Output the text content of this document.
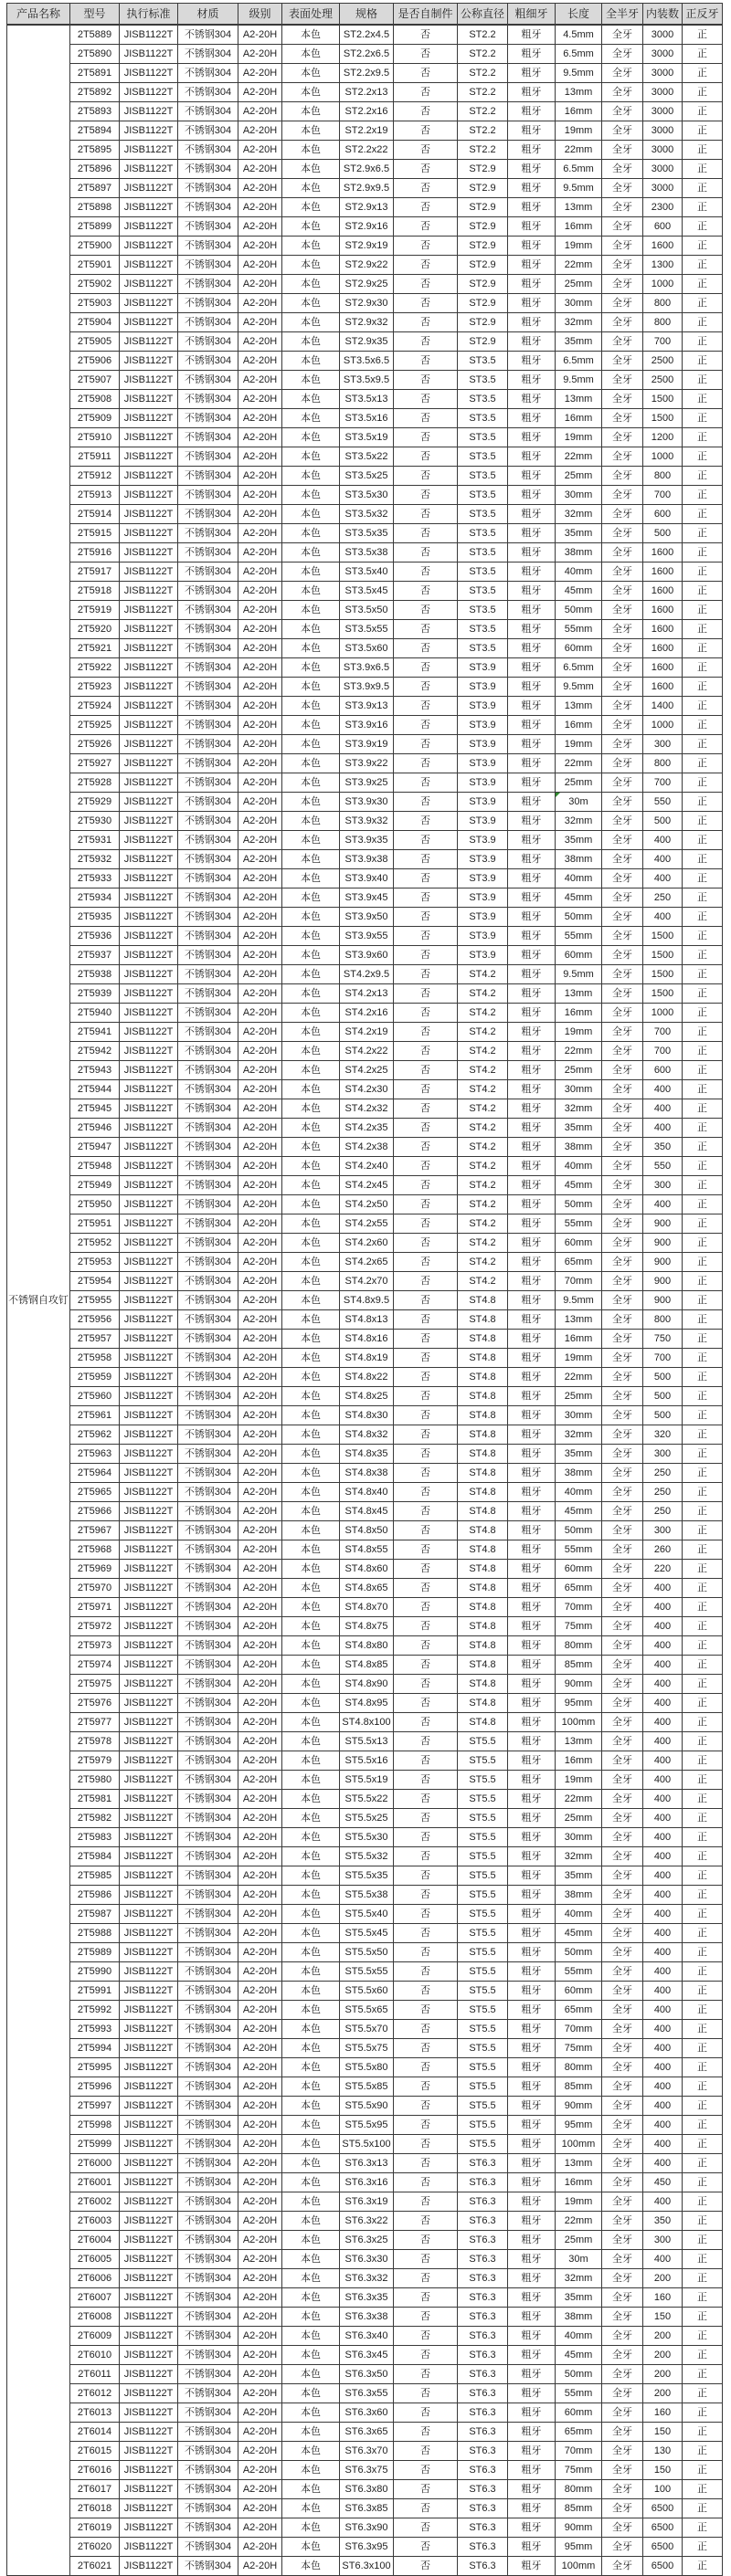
产品名称	型号	执行标准	材质	级别	表面处理	规格	是否自制件	公称直径	粗细牙	长度	全半牙	内装数	正反牙
不锈钢自攻钉	2T5889	JISB1122T	不锈钢304	A2-20H	本色	ST2.2x4.5	否	ST2.2	粗牙	4.5mm	全牙	3000	正
	2T5890	JISB1122T	不锈钢304	A2-20H	本色	ST2.2x6.5	否	ST2.2	粗牙	6.5mm	全牙	3000	正
	2T5891	JISB1122T	不锈钢304	A2-20H	本色	ST2.2x9.5	否	ST2.2	粗牙	9.5mm	全牙	3000	正
	2T5892	JISB1122T	不锈钢304	A2-20H	本色	ST2.2x13	否	ST2.2	粗牙	13mm	全牙	3000	正
	2T5893	JISB1122T	不锈钢304	A2-20H	本色	ST2.2x16	否	ST2.2	粗牙	16mm	全牙	3000	正
	2T5894	JISB1122T	不锈钢304	A2-20H	本色	ST2.2x19	否	ST2.2	粗牙	19mm	全牙	3000	正
	2T5895	JISB1122T	不锈钢304	A2-20H	本色	ST2.2x22	否	ST2.2	粗牙	22mm	全牙	3000	正
	2T5896	JISB1122T	不锈钢304	A2-20H	本色	ST2.9x6.5	否	ST2.9	粗牙	6.5mm	全牙	3000	正
	2T5897	JISB1122T	不锈钢304	A2-20H	本色	ST2.9x9.5	否	ST2.9	粗牙	9.5mm	全牙	3000	正
	2T5898	JISB1122T	不锈钢304	A2-20H	本色	ST2.9x13	否	ST2.9	粗牙	13mm	全牙	2300	正
	2T5899	JISB1122T	不锈钢304	A2-20H	本色	ST2.9x16	否	ST2.9	粗牙	16mm	全牙	600	正
	2T5900	JISB1122T	不锈钢304	A2-20H	本色	ST2.9x19	否	ST2.9	粗牙	19mm	全牙	1600	正
	2T5901	JISB1122T	不锈钢304	A2-20H	本色	ST2.9x22	否	ST2.9	粗牙	22mm	全牙	1300	正
	2T5902	JISB1122T	不锈钢304	A2-20H	本色	ST2.9x25	否	ST2.9	粗牙	25mm	全牙	1000	正
	2T5903	JISB1122T	不锈钢304	A2-20H	本色	ST2.9x30	否	ST2.9	粗牙	30mm	全牙	800	正
	2T5904	JISB1122T	不锈钢304	A2-20H	本色	ST2.9x32	否	ST2.9	粗牙	32mm	全牙	800	正
	2T5905	JISB1122T	不锈钢304	A2-20H	本色	ST2.9x35	否	ST2.9	粗牙	35mm	全牙	700	正
	2T5906	JISB1122T	不锈钢304	A2-20H	本色	ST3.5x6.5	否	ST3.5	粗牙	6.5mm	全牙	2500	正
	2T5907	JISB1122T	不锈钢304	A2-20H	本色	ST3.5x9.5	否	ST3.5	粗牙	9.5mm	全牙	2500	正
	2T5908	JISB1122T	不锈钢304	A2-20H	本色	ST3.5x13	否	ST3.5	粗牙	13mm	全牙	1500	正
	2T5909	JISB1122T	不锈钢304	A2-20H	本色	ST3.5x16	否	ST3.5	粗牙	16mm	全牙	1500	正
	2T5910	JISB1122T	不锈钢304	A2-20H	本色	ST3.5x19	否	ST3.5	粗牙	19mm	全牙	1200	正
	2T5911	JISB1122T	不锈钢304	A2-20H	本色	ST3.5x22	否	ST3.5	粗牙	22mm	全牙	1000	正
	2T5912	JISB1122T	不锈钢304	A2-20H	本色	ST3.5x25	否	ST3.5	粗牙	25mm	全牙	800	正
	2T5913	JISB1122T	不锈钢304	A2-20H	本色	ST3.5x30	否	ST3.5	粗牙	30mm	全牙	700	正
	2T5914	JISB1122T	不锈钢304	A2-20H	本色	ST3.5x32	否	ST3.5	粗牙	32mm	全牙	600	正
	2T5915	JISB1122T	不锈钢304	A2-20H	本色	ST3.5x35	否	ST3.5	粗牙	35mm	全牙	500	正
	2T5916	JISB1122T	不锈钢304	A2-20H	本色	ST3.5x38	否	ST3.5	粗牙	38mm	全牙	1600	正
	2T5917	JISB1122T	不锈钢304	A2-20H	本色	ST3.5x40	否	ST3.5	粗牙	40mm	全牙	1600	正
	2T5918	JISB1122T	不锈钢304	A2-20H	本色	ST3.5x45	否	ST3.5	粗牙	45mm	全牙	1600	正
	2T5919	JISB1122T	不锈钢304	A2-20H	本色	ST3.5x50	否	ST3.5	粗牙	50mm	全牙	1600	正
	2T5920	JISB1122T	不锈钢304	A2-20H	本色	ST3.5x55	否	ST3.5	粗牙	55mm	全牙	1600	正
	2T5921	JISB1122T	不锈钢304	A2-20H	本色	ST3.5x60	否	ST3.5	粗牙	60mm	全牙	1600	正
	2T5922	JISB1122T	不锈钢304	A2-20H	本色	ST3.9x6.5	否	ST3.9	粗牙	6.5mm	全牙	1600	正
	2T5923	JISB1122T	不锈钢304	A2-20H	本色	ST3.9x9.5	否	ST3.9	粗牙	9.5mm	全牙	1600	正
	2T5924	JISB1122T	不锈钢304	A2-20H	本色	ST3.9x13	否	ST3.9	粗牙	13mm	全牙	1400	正
	2T5925	JISB1122T	不锈钢304	A2-20H	本色	ST3.9x16	否	ST3.9	粗牙	16mm	全牙	1000	正
	2T5926	JISB1122T	不锈钢304	A2-20H	本色	ST3.9x19	否	ST3.9	粗牙	19mm	全牙	300	正
	2T5927	JISB1122T	不锈钢304	A2-20H	本色	ST3.9x22	否	ST3.9	粗牙	22mm	全牙	800	正
	2T5928	JISB1122T	不锈钢304	A2-20H	本色	ST3.9x25	否	ST3.9	粗牙	25mm	全牙	700	正
	2T5929	JISB1122T	不锈钢304	A2-20H	本色	ST3.9x30	否	ST3.9	粗牙	30m	全牙	550	正
	2T5930	JISB1122T	不锈钢304	A2-20H	本色	ST3.9x32	否	ST3.9	粗牙	32mm	全牙	500	正
	2T5931	JISB1122T	不锈钢304	A2-20H	本色	ST3.9x35	否	ST3.9	粗牙	35mm	全牙	400	正
	2T5932	JISB1122T	不锈钢304	A2-20H	本色	ST3.9x38	否	ST3.9	粗牙	38mm	全牙	400	正
	2T5933	JISB1122T	不锈钢304	A2-20H	本色	ST3.9x40	否	ST3.9	粗牙	40mm	全牙	400	正
	2T5934	JISB1122T	不锈钢304	A2-20H	本色	ST3.9x45	否	ST3.9	粗牙	45mm	全牙	250	正
	2T5935	JISB1122T	不锈钢304	A2-20H	本色	ST3.9x50	否	ST3.9	粗牙	50mm	全牙	400	正
	2T5936	JISB1122T	不锈钢304	A2-20H	本色	ST3.9x55	否	ST3.9	粗牙	55mm	全牙	1500	正
	2T5937	JISB1122T	不锈钢304	A2-20H	本色	ST3.9x60	否	ST3.9	粗牙	60mm	全牙	1500	正
	2T5938	JISB1122T	不锈钢304	A2-20H	本色	ST4.2x9.5	否	ST4.2	粗牙	9.5mm	全牙	1500	正
	2T5939	JISB1122T	不锈钢304	A2-20H	本色	ST4.2x13	否	ST4.2	粗牙	13mm	全牙	1500	正
	2T5940	JISB1122T	不锈钢304	A2-20H	本色	ST4.2x16	否	ST4.2	粗牙	16mm	全牙	1000	正
	2T5941	JISB1122T	不锈钢304	A2-20H	本色	ST4.2x19	否	ST4.2	粗牙	19mm	全牙	700	正
	2T5942	JISB1122T	不锈钢304	A2-20H	本色	ST4.2x22	否	ST4.2	粗牙	22mm	全牙	700	正
	2T5943	JISB1122T	不锈钢304	A2-20H	本色	ST4.2x25	否	ST4.2	粗牙	25mm	全牙	600	正
	2T5944	JISB1122T	不锈钢304	A2-20H	本色	ST4.2x30	否	ST4.2	粗牙	30mm	全牙	400	正
	2T5945	JISB1122T	不锈钢304	A2-20H	本色	ST4.2x32	否	ST4.2	粗牙	32mm	全牙	400	正
	2T5946	JISB1122T	不锈钢304	A2-20H	本色	ST4.2x35	否	ST4.2	粗牙	35mm	全牙	400	正
	2T5947	JISB1122T	不锈钢304	A2-20H	本色	ST4.2x38	否	ST4.2	粗牙	38mm	全牙	350	正
	2T5948	JISB1122T	不锈钢304	A2-20H	本色	ST4.2x40	否	ST4.2	粗牙	40mm	全牙	550	正
	2T5949	JISB1122T	不锈钢304	A2-20H	本色	ST4.2x45	否	ST4.2	粗牙	45mm	全牙	300	正
	2T5950	JISB1122T	不锈钢304	A2-20H	本色	ST4.2x50	否	ST4.2	粗牙	50mm	全牙	400	正
	2T5951	JISB1122T	不锈钢304	A2-20H	本色	ST4.2x55	否	ST4.2	粗牙	55mm	全牙	900	正
	2T5952	JISB1122T	不锈钢304	A2-20H	本色	ST4.2x60	否	ST4.2	粗牙	60mm	全牙	900	正
	2T5953	JISB1122T	不锈钢304	A2-20H	本色	ST4.2x65	否	ST4.2	粗牙	65mm	全牙	900	正
	2T5954	JISB1122T	不锈钢304	A2-20H	本色	ST4.2x70	否	ST4.2	粗牙	70mm	全牙	900	正
	2T5955	JISB1122T	不锈钢304	A2-20H	本色	ST4.8x9.5	否	ST4.8	粗牙	9.5mm	全牙	900	正
	2T5956	JISB1122T	不锈钢304	A2-20H	本色	ST4.8x13	否	ST4.8	粗牙	13mm	全牙	800	正
	2T5957	JISB1122T	不锈钢304	A2-20H	本色	ST4.8x16	否	ST4.8	粗牙	16mm	全牙	750	正
	2T5958	JISB1122T	不锈钢304	A2-20H	本色	ST4.8x19	否	ST4.8	粗牙	19mm	全牙	700	正
	2T5959	JISB1122T	不锈钢304	A2-20H	本色	ST4.8x22	否	ST4.8	粗牙	22mm	全牙	500	正
	2T5960	JISB1122T	不锈钢304	A2-20H	本色	ST4.8x25	否	ST4.8	粗牙	25mm	全牙	500	正
	2T5961	JISB1122T	不锈钢304	A2-20H	本色	ST4.8x30	否	ST4.8	粗牙	30mm	全牙	500	正
	2T5962	JISB1122T	不锈钢304	A2-20H	本色	ST4.8x32	否	ST4.8	粗牙	32mm	全牙	320	正
	2T5963	JISB1122T	不锈钢304	A2-20H	本色	ST4.8x35	否	ST4.8	粗牙	35mm	全牙	300	正
	2T5964	JISB1122T	不锈钢304	A2-20H	本色	ST4.8x38	否	ST4.8	粗牙	38mm	全牙	250	正
	2T5965	JISB1122T	不锈钢304	A2-20H	本色	ST4.8x40	否	ST4.8	粗牙	40mm	全牙	250	正
	2T5966	JISB1122T	不锈钢304	A2-20H	本色	ST4.8x45	否	ST4.8	粗牙	45mm	全牙	250	正
	2T5967	JISB1122T	不锈钢304	A2-20H	本色	ST4.8x50	否	ST4.8	粗牙	50mm	全牙	300	正
	2T5968	JISB1122T	不锈钢304	A2-20H	本色	ST4.8x55	否	ST4.8	粗牙	55mm	全牙	260	正
	2T5969	JISB1122T	不锈钢304	A2-20H	本色	ST4.8x60	否	ST4.8	粗牙	60mm	全牙	220	正
	2T5970	JISB1122T	不锈钢304	A2-20H	本色	ST4.8x65	否	ST4.8	粗牙	65mm	全牙	400	正
	2T5971	JISB1122T	不锈钢304	A2-20H	本色	ST4.8x70	否	ST4.8	粗牙	70mm	全牙	400	正
	2T5972	JISB1122T	不锈钢304	A2-20H	本色	ST4.8x75	否	ST4.8	粗牙	75mm	全牙	400	正
	2T5973	JISB1122T	不锈钢304	A2-20H	本色	ST4.8x80	否	ST4.8	粗牙	80mm	全牙	400	正
	2T5974	JISB1122T	不锈钢304	A2-20H	本色	ST4.8x85	否	ST4.8	粗牙	85mm	全牙	400	正
	2T5975	JISB1122T	不锈钢304	A2-20H	本色	ST4.8x90	否	ST4.8	粗牙	90mm	全牙	400	正
	2T5976	JISB1122T	不锈钢304	A2-20H	本色	ST4.8x95	否	ST4.8	粗牙	95mm	全牙	400	正
	2T5977	JISB1122T	不锈钢304	A2-20H	本色	ST4.8x100	否	ST4.8	粗牙	100mm	全牙	400	正
	2T5978	JISB1122T	不锈钢304	A2-20H	本色	ST5.5x13	否	ST5.5	粗牙	13mm	全牙	400	正
	2T5979	JISB1122T	不锈钢304	A2-20H	本色	ST5.5x16	否	ST5.5	粗牙	16mm	全牙	400	正
	2T5980	JISB1122T	不锈钢304	A2-20H	本色	ST5.5x19	否	ST5.5	粗牙	19mm	全牙	400	正
	2T5981	JISB1122T	不锈钢304	A2-20H	本色	ST5.5x22	否	ST5.5	粗牙	22mm	全牙	400	正
	2T5982	JISB1122T	不锈钢304	A2-20H	本色	ST5.5x25	否	ST5.5	粗牙	25mm	全牙	400	正
	2T5983	JISB1122T	不锈钢304	A2-20H	本色	ST5.5x30	否	ST5.5	粗牙	30mm	全牙	400	正
	2T5984	JISB1122T	不锈钢304	A2-20H	本色	ST5.5x32	否	ST5.5	粗牙	32mm	全牙	400	正
	2T5985	JISB1122T	不锈钢304	A2-20H	本色	ST5.5x35	否	ST5.5	粗牙	35mm	全牙	400	正
	2T5986	JISB1122T	不锈钢304	A2-20H	本色	ST5.5x38	否	ST5.5	粗牙	38mm	全牙	400	正
	2T5987	JISB1122T	不锈钢304	A2-20H	本色	ST5.5x40	否	ST5.5	粗牙	40mm	全牙	400	正
	2T5988	JISB1122T	不锈钢304	A2-20H	本色	ST5.5x45	否	ST5.5	粗牙	45mm	全牙	400	正
	2T5989	JISB1122T	不锈钢304	A2-20H	本色	ST5.5x50	否	ST5.5	粗牙	50mm	全牙	400	正
	2T5990	JISB1122T	不锈钢304	A2-20H	本色	ST5.5x55	否	ST5.5	粗牙	55mm	全牙	400	正
	2T5991	JISB1122T	不锈钢304	A2-20H	本色	ST5.5x60	否	ST5.5	粗牙	60mm	全牙	400	正
	2T5992	JISB1122T	不锈钢304	A2-20H	本色	ST5.5x65	否	ST5.5	粗牙	65mm	全牙	400	正
	2T5993	JISB1122T	不锈钢304	A2-20H	本色	ST5.5x70	否	ST5.5	粗牙	70mm	全牙	400	正
	2T5994	JISB1122T	不锈钢304	A2-20H	本色	ST5.5x75	否	ST5.5	粗牙	75mm	全牙	400	正
	2T5995	JISB1122T	不锈钢304	A2-20H	本色	ST5.5x80	否	ST5.5	粗牙	80mm	全牙	400	正
	2T5996	JISB1122T	不锈钢304	A2-20H	本色	ST5.5x85	否	ST5.5	粗牙	85mm	全牙	400	正
	2T5997	JISB1122T	不锈钢304	A2-20H	本色	ST5.5x90	否	ST5.5	粗牙	90mm	全牙	400	正
	2T5998	JISB1122T	不锈钢304	A2-20H	本色	ST5.5x95	否	ST5.5	粗牙	95mm	全牙	400	正
	2T5999	JISB1122T	不锈钢304	A2-20H	本色	ST5.5x100	否	ST5.5	粗牙	100mm	全牙	400	正
	2T6000	JISB1122T	不锈钢304	A2-20H	本色	ST6.3x13	否	ST6.3	粗牙	13mm	全牙	400	正
	2T6001	JISB1122T	不锈钢304	A2-20H	本色	ST6.3x16	否	ST6.3	粗牙	16mm	全牙	450	正
	2T6002	JISB1122T	不锈钢304	A2-20H	本色	ST6.3x19	否	ST6.3	粗牙	19mm	全牙	400	正
	2T6003	JISB1122T	不锈钢304	A2-20H	本色	ST6.3x22	否	ST6.3	粗牙	22mm	全牙	350	正
	2T6004	JISB1122T	不锈钢304	A2-20H	本色	ST6.3x25	否	ST6.3	粗牙	25mm	全牙	300	正
	2T6005	JISB1122T	不锈钢304	A2-20H	本色	ST6.3x30	否	ST6.3	粗牙	30m	全牙	400	正
	2T6006	JISB1122T	不锈钢304	A2-20H	本色	ST6.3x32	否	ST6.3	粗牙	32mm	全牙	200	正
	2T6007	JISB1122T	不锈钢304	A2-20H	本色	ST6.3x35	否	ST6.3	粗牙	35mm	全牙	160	正
	2T6008	JISB1122T	不锈钢304	A2-20H	本色	ST6.3x38	否	ST6.3	粗牙	38mm	全牙	150	正
	2T6009	JISB1122T	不锈钢304	A2-20H	本色	ST6.3x40	否	ST6.3	粗牙	40mm	全牙	200	正
	2T6010	JISB1122T	不锈钢304	A2-20H	本色	ST6.3x45	否	ST6.3	粗牙	45mm	全牙	200	正
	2T6011	JISB1122T	不锈钢304	A2-20H	本色	ST6.3x50	否	ST6.3	粗牙	50mm	全牙	200	正
	2T6012	JISB1122T	不锈钢304	A2-20H	本色	ST6.3x55	否	ST6.3	粗牙	55mm	全牙	200	正
	2T6013	JISB1122T	不锈钢304	A2-20H	本色	ST6.3x60	否	ST6.3	粗牙	60mm	全牙	160	正
	2T6014	JISB1122T	不锈钢304	A2-20H	本色	ST6.3x65	否	ST6.3	粗牙	65mm	全牙	150	正
	2T6015	JISB1122T	不锈钢304	A2-20H	本色	ST6.3x70	否	ST6.3	粗牙	70mm	全牙	130	正
	2T6016	JISB1122T	不锈钢304	A2-20H	本色	ST6.3x75	否	ST6.3	粗牙	75mm	全牙	150	正
	2T6017	JISB1122T	不锈钢304	A2-20H	本色	ST6.3x80	否	ST6.3	粗牙	80mm	全牙	100	正
	2T6018	JISB1122T	不锈钢304	A2-20H	本色	ST6.3x85	否	ST6.3	粗牙	85mm	全牙	6500	正
	2T6019	JISB1122T	不锈钢304	A2-20H	本色	ST6.3x90	否	ST6.3	粗牙	90mm	全牙	6500	正
	2T6020	JISB1122T	不锈钢304	A2-20H	本色	ST6.3x95	否	ST6.3	粗牙	95mm	全牙	6500	正
	2T6021	JISB1122T	不锈钢304	A2-20H	本色	ST6.3x100	否	ST6.3	粗牙	100mm	全牙	6500	正
